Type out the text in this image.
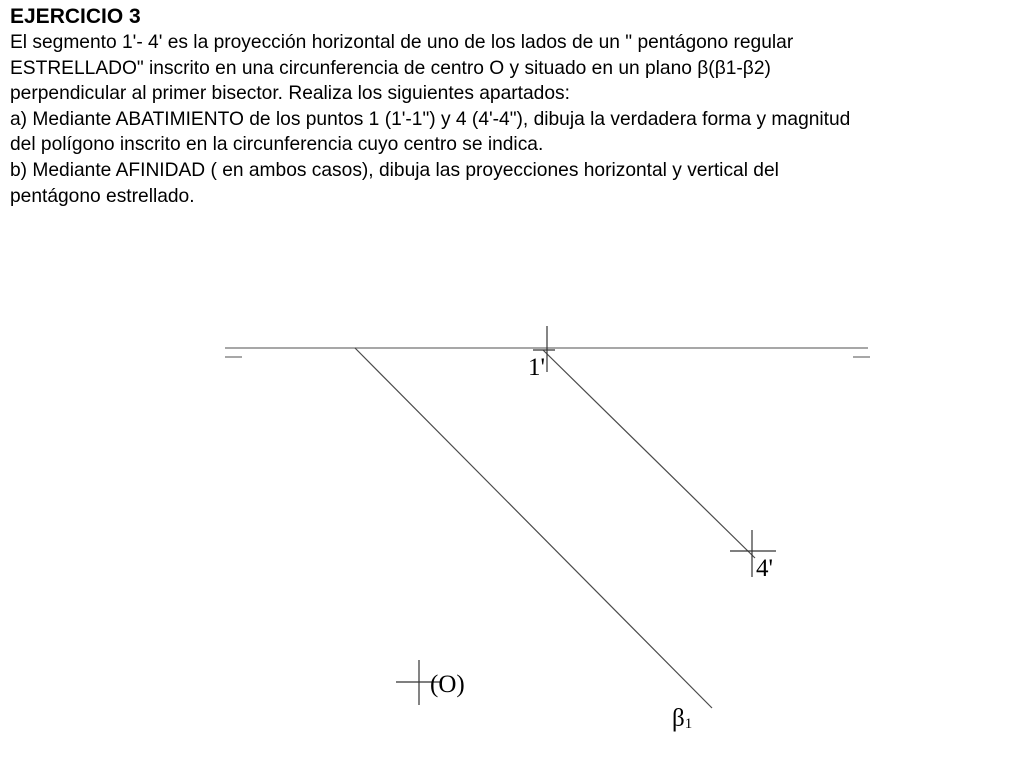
EJERCICIO 3

El segmento 1'- 4' es la proyección horizontal de uno de los lados de un " pentágono regular

ESTRELLADO" inscrito en una circunferencia de centro O y situado en un plano β(β1-β2)

perpendicular al primer bisector. Realiza los siguientes apartados:

a) Mediante ABATIMIENTO de los puntos 1 (1'-1") y 4 (4'-4"), dibuja la verdadera forma y magnitud

del polígono inscrito en la circunferencia cuyo centro se indica.

b) Mediante AFINIDAD ( en ambos casos), dibuja las proyecciones horizontal y vertical del

pentágono estrellado.

1'
4'
(O)
β1
